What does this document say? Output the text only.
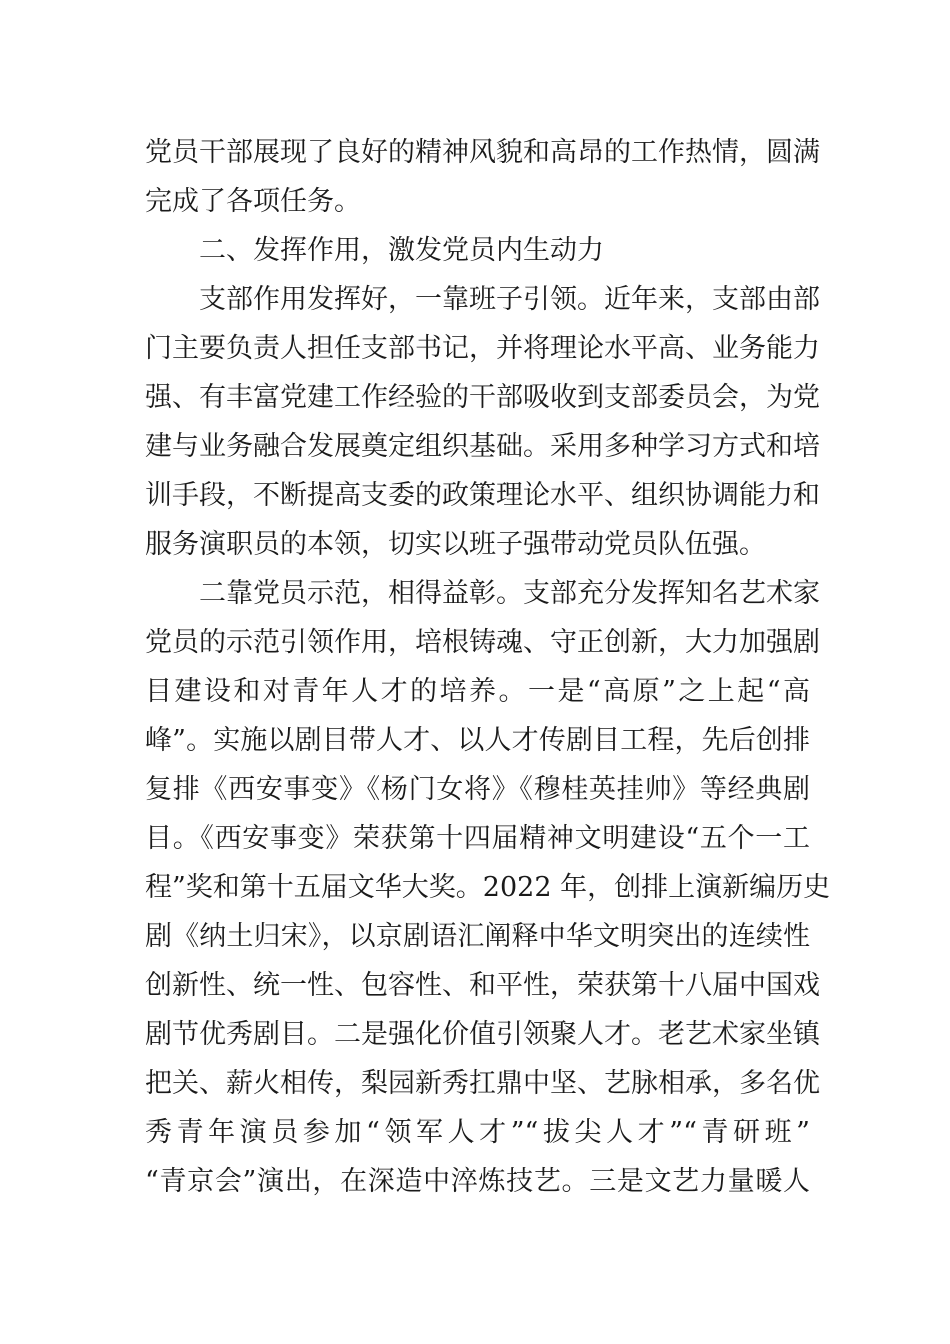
党员干部展现了良好的精神风貌和高昂的工作热情，圆满
完成了各项任务。
二、发挥作用，激发党员内生动力
支部作用发挥好，一靠班子引领。近年来，支部由部
门主要负责人担任支部书记，并将理论水平高、业务能力
强、有丰富党建工作经验的干部吸收到支部委员会，为党
建与业务融合发展奠定组织基础。采用多种学习方式和培
训手段，不断提高支委的政策理论水平、组织协调能力和
服务演职员的本领，切实以班子强带动党员队伍强。
二靠党员示范，相得益彰。支部充分发挥知名艺术家
党员的示范引领作用，培根铸魂、守正创新，大力加强剧
目建设和对青年人才的培养。一是“高原”之上起“高
峰”。实施以剧目带人才、以人才传剧目工程，先后创排
复排《西安事变》《杨门女将》《穆桂英挂帅》等经典剧
目。《西安事变》荣获第十四届精神文明建设“五个一工
程”奖和第十五届文华大奖。2022 年，创排上演新编历史
剧《纳土归宋》，以京剧语汇阐释中华文明突出的连续性
创新性、统一性、包容性、和平性，荣获第十八届中国戏
剧节优秀剧目。二是强化价值引领聚人才。老艺术家坐镇
把关、薪火相传，梨园新秀扛鼎中坚、艺脉相承，多名优
秀青年演员参加“领军人才”“拔尖人才”“青研班”
“青京会”演出，在深造中淬炼技艺。三是文艺力量暖人
